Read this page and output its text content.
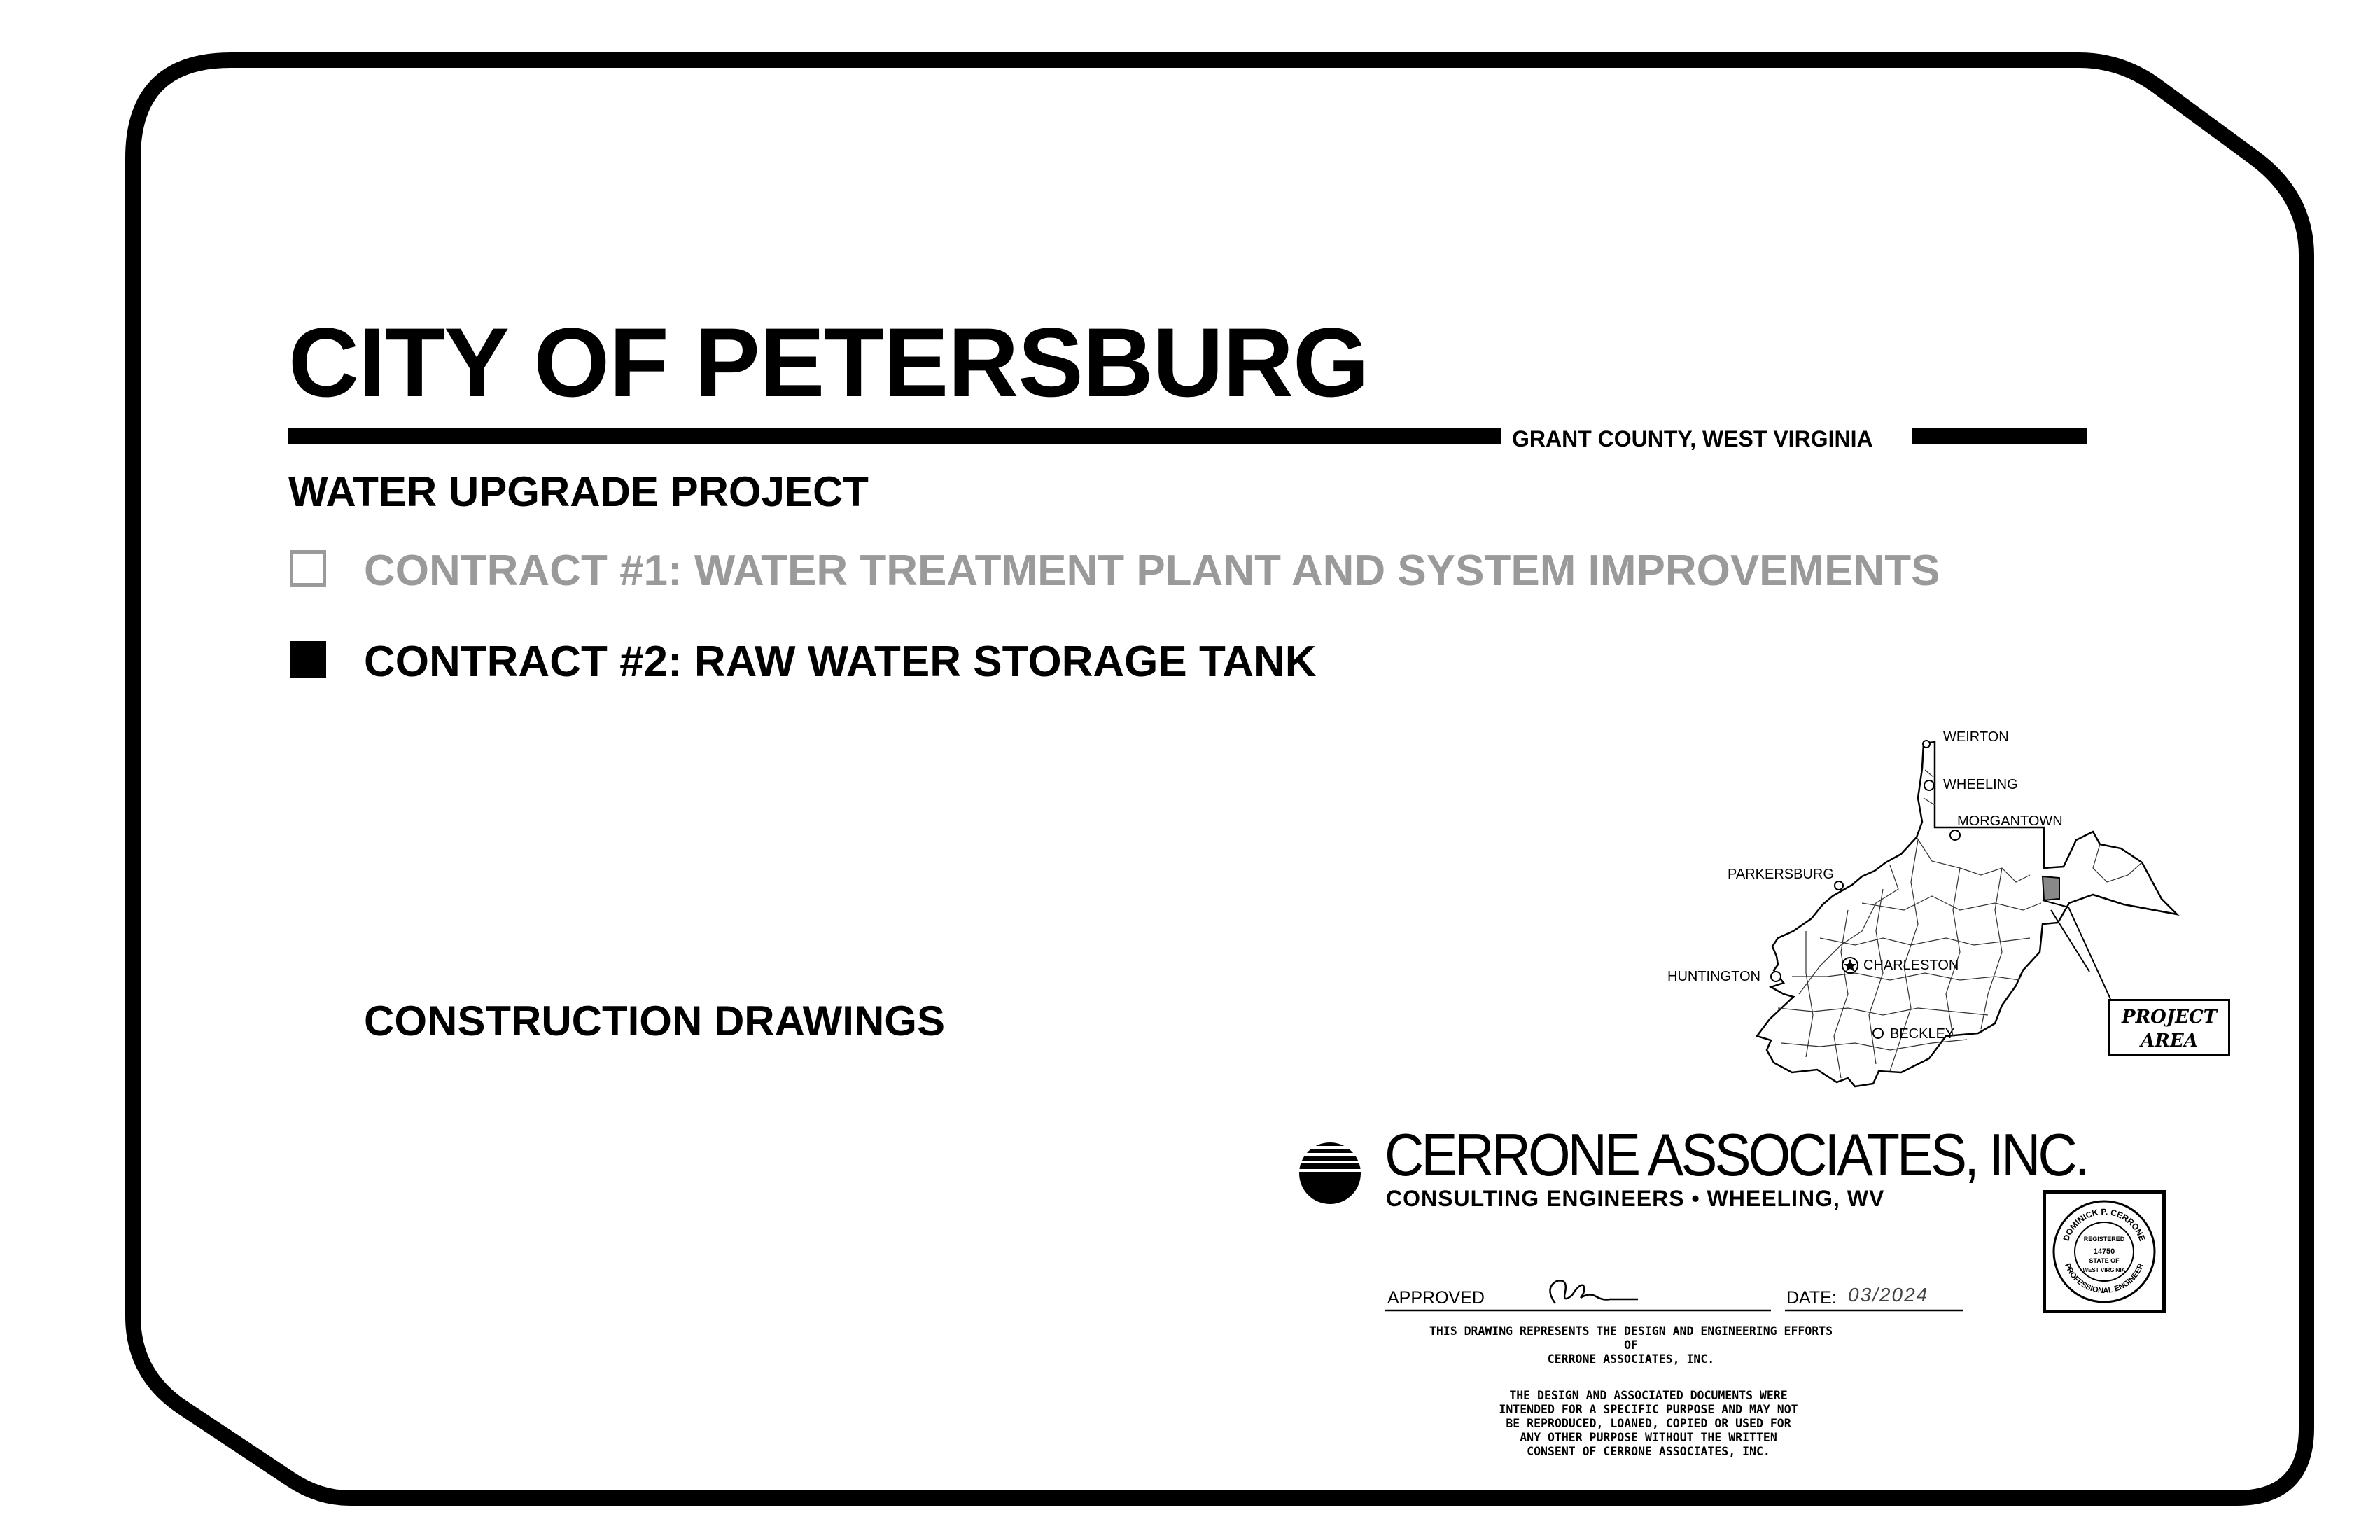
CITY OF PETERSBURG
GRANT COUNTY, WEST VIRGINIA
WATER UPGRADE PROJECT
CONTRACT #1: WATER TREATMENT PLANT AND SYSTEM IMPROVEMENTS
CONTRACT #2: RAW WATER STORAGE TANK
CONSTRUCTION DRAWINGS
WEIRTON
WHEELING
MORGANTOWN
PARKERSBURG
CHARLESTON
HUNTINGTON
BECKLEY
PROJECT
AREA
CERRONE ASSOCIATES, INC.
CONSULTING ENGINEERS • WHEELING, WV
APPROVED	DATE: 03/2024
THIS DRAWING REPRESENTS THE DESIGN AND ENGINEERING EFFORTS
OF
CERRONE ASSOCIATES, INC.
THE DESIGN AND ASSOCIATED DOCUMENTS WERE
INTENDED FOR A SPECIFIC PURPOSE AND MAY NOT
BE REPRODUCED, LOANED, COPIED OR USED FOR
ANY OTHER PURPOSE WITHOUT THE WRITTEN
CONSENT OF CERRONE ASSOCIATES, INC.
DOMINICK P. CERRONE
PROFESSIONAL ENGINEER
REGISTERED
14750
STATE OF
WEST VIRGINIA
